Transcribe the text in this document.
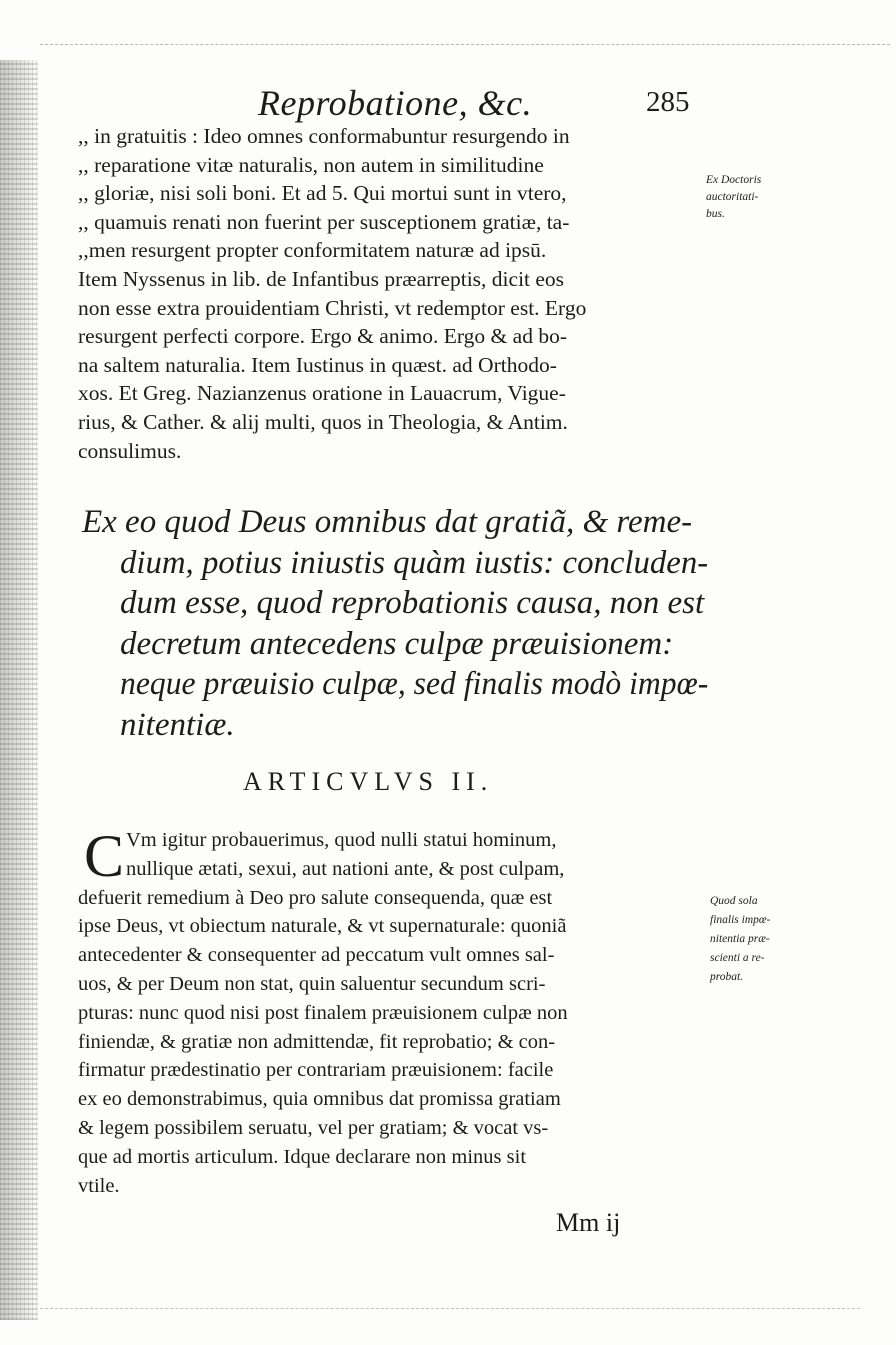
Reprobatione, &c.	285
,, in gratuitis : Ideo omnes conformabuntur resurgendo in
,, reparatione vitæ naturalis, non autem in similitudine
,, gloriæ, nisi soli boni. Et ad 5. Qui mortui sunt in vtero,
,, quamuis renati non fuerint per susceptionem gratiæ, ta-
,,men resurgent propter conformitatem naturæ ad ipsū.
Item Nyssenus in lib. de Infantibus præarreptis, dicit eos
non esse extra prouidentiam Christi, vt redemptor est. Ergo
resurgent perfecti corpore. Ergo & animo. Ergo & ad bo-
na saltem naturalia. Item Iustinus in quæst. ad Orthodo-
xos. Et Greg. Nazianzenus oratione in Lauacrum, Vigue-
rius, & Cather. & alij multi, quos in Theologia, & Antim.
consulimus.
Ex Doctoris
auctoritati-
bus.
Ex eo quod Deus omnibus dat gratiã, & reme-
dium, potius iniustis quàm iustis: concluden-
dum esse, quod reprobationis causa, non est
decretum antecedens culpæ præuisionem:
neque præuisio culpæ, sed finalis modò impœ-
nitentiæ.
ARTICVLVS II.
C Vm igitur probauerimus, quod nulli statui hominum,
nullique ætati, sexui, aut nationi ante, & post culpam,
defuerit remedium à Deo pro salute consequenda, quæ est
ipse Deus, vt obiectum naturale, & vt supernaturale: quoniã
antecedenter & consequenter ad peccatum vult omnes sal-
uos, & per Deum non stat, quin saluentur secundum scri-
pturas: nunc quod nisi post finalem præuisionem culpæ non
finiendæ, & gratiæ non admittendæ, fit reprobatio; & con-
firmatur prædestinatio per contrariam præuisionem: facile
ex eo demonstrabimus, quia omnibus dat promissa gratiam
& legem possibilem seruatu, vel per gratiam; & vocat vs-
que ad mortis articulum. Idque declarare non minus sit
vtile.
Quod sola
finalis impœ-
nitentia præ-
scienti a re-
probat.
Mm ij
